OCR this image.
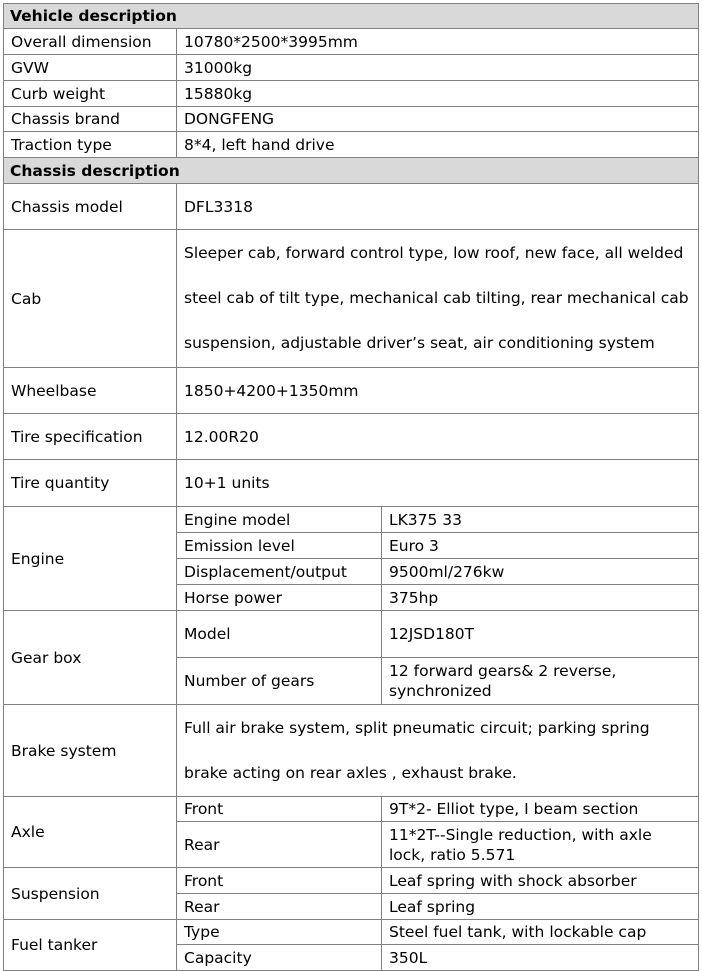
Vehicle description		
Overall dimension	10780*2500*3995mm	
GVW	31000kg	
Curb weight	15880kg	
Chassis brand	DONGFENG	
Traction type	8*4, left hand drive	
Chassis description		
Chassis model	DFL3318	
Cab	Sleeper cab, forward control type, low roof, new face, all welded steel cab of tilt type, mechanical cab tilting, rear mechanical cab suspension, adjustable driver’s seat, air conditioning system	
Wheelbase	1850+4200+1350mm	
Tire specification	12.00R20	
Tire quantity	10+1 units	
Engine	Engine model	LK375 33
	Emission level	Euro 3
	Displacement/output	9500ml/276kw
	Horse power	375hp
Gear box	Model	12JSD180T
	Number of gears	12 forward gears& 2 reverse, synchronized
Brake system	Full air brake system, split pneumatic circuit; parking spring brake acting on rear axles , exhaust brake.	
Axle	Front	9T*2- Elliot type, I beam section
	Rear	11*2T--Single reduction, with axle lock, ratio 5.571
Suspension	Front	Leaf spring with shock absorber
	Rear	Leaf spring
Fuel tanker	Type	Steel fuel tank, with lockable cap
	Capacity	350L
